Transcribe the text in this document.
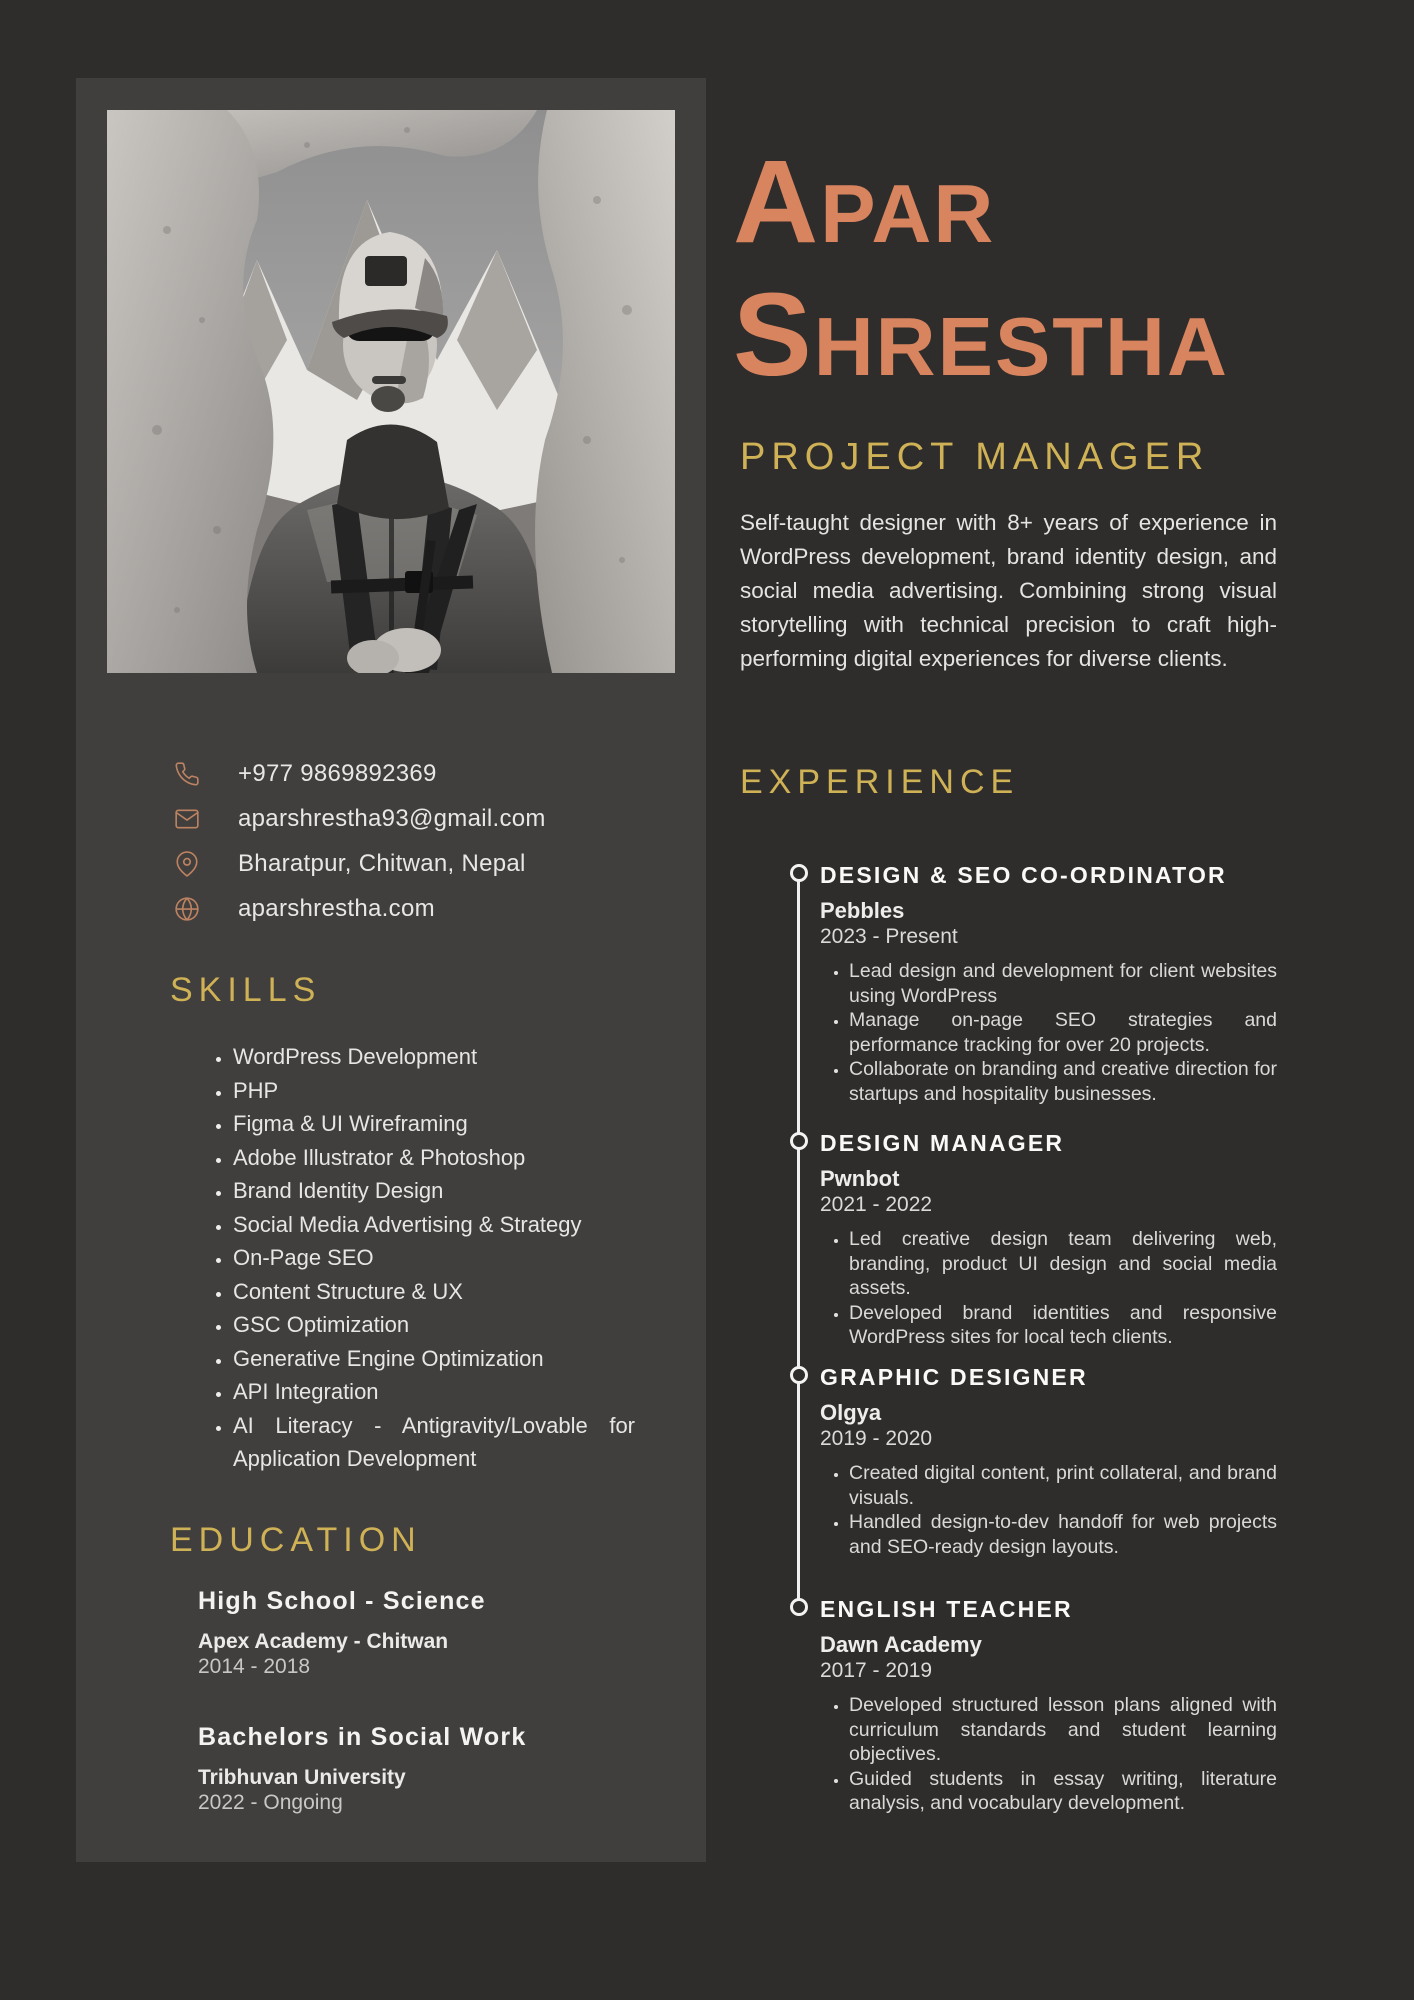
+977 9869892369
aparshrestha93@gmail.com
Bharatpur, Chitwan, Nepal
aparshrestha.com
SKILLS
• WordPress Development
• PHP
• Figma & UI Wireframing
• Adobe Illustrator & Photoshop
• Brand Identity Design
• Social Media Advertising & Strategy
• On-Page SEO
• Content Structure & UX
• GSC Optimization
• Generative Engine Optimization
• API Integration
• AI Literacy - Antigravity/Lovable for Application Development
EDUCATION
High School - Science
Apex Academy - Chitwan
2014 - 2018
Bachelors in Social Work
Tribhuvan University
2022 - Ongoing
Apar
Shrestha
PROJECT MANAGER

Self-taught designer with 8+ years of experience in WordPress development, brand identity design, and social media advertising. Combining strong visual storytelling with technical precision to craft high-performing digital experiences for diverse clients.

EXPERIENCE
DESIGN & SEO CO-ORDINATOR
Pebbles
2023 - Present
• Lead design and development for client websites using WordPress
• Manage on-page SEO strategies and performance tracking for over 20 projects.
• Collaborate on branding and creative direction for startups and hospitality businesses.
DESIGN MANAGER
Pwnbot
2021 - 2022
• Led creative design team delivering web, branding, product UI design and social media assets.
• Developed brand identities and responsive WordPress sites for local tech clients.
GRAPHIC DESIGNER
Olgya
2019 - 2020
• Created digital content, print collateral, and brand visuals.
• Handled design-to-dev handoff for web projects and SEO-ready design layouts.
ENGLISH TEACHER
Dawn Academy
2017 - 2019
• Developed structured lesson plans aligned with curriculum standards and student learning objectives.
• Guided students in essay writing, literature analysis, and vocabulary development.
